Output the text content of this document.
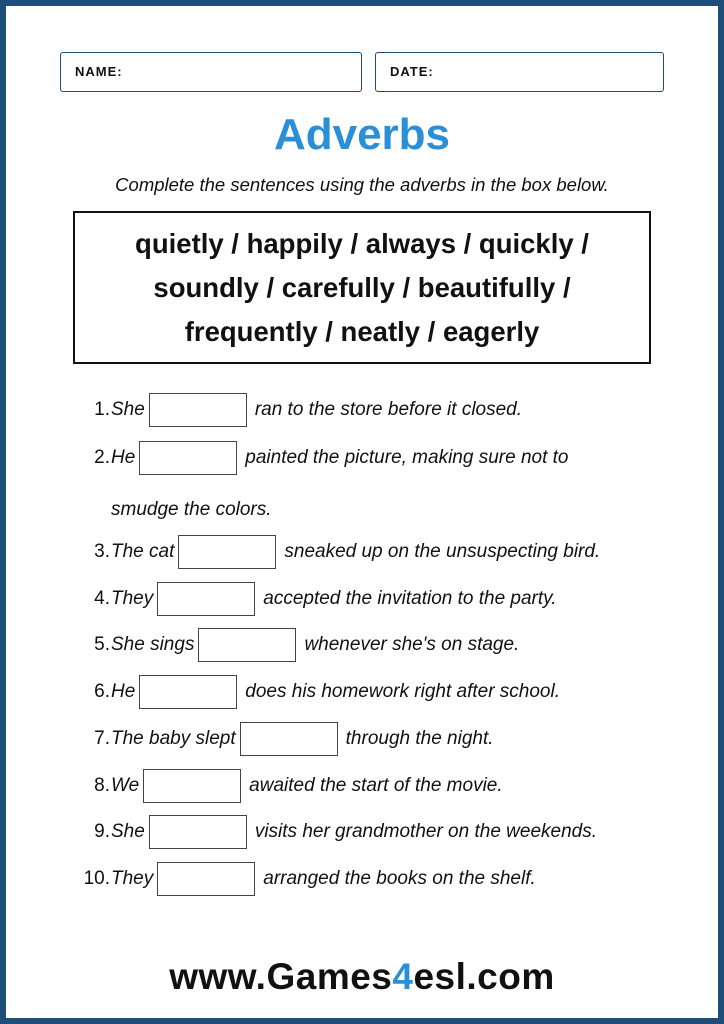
NAME:	DATE:
Adverbs
Complete the sentences using the adverbs in the box below.
quietly / happily / always / quickly /
soundly / carefully / beautifully /
frequently / neatly / eagerly
1. She	ran to the store before it closed.
2. He	painted the picture, making sure not to
smudge the colors.
3. The cat	sneaked up on the unsuspecting bird.
4. They	accepted the invitation to the party.
5. She sings	whenever she's on stage.
6. He	does his homework right after school.
7. The baby slept	through the night.
8. We	awaited the start of the movie.
9. She	visits her grandmother on the weekends.
10. They	arranged the books on the shelf.
www.Games4esl.com
